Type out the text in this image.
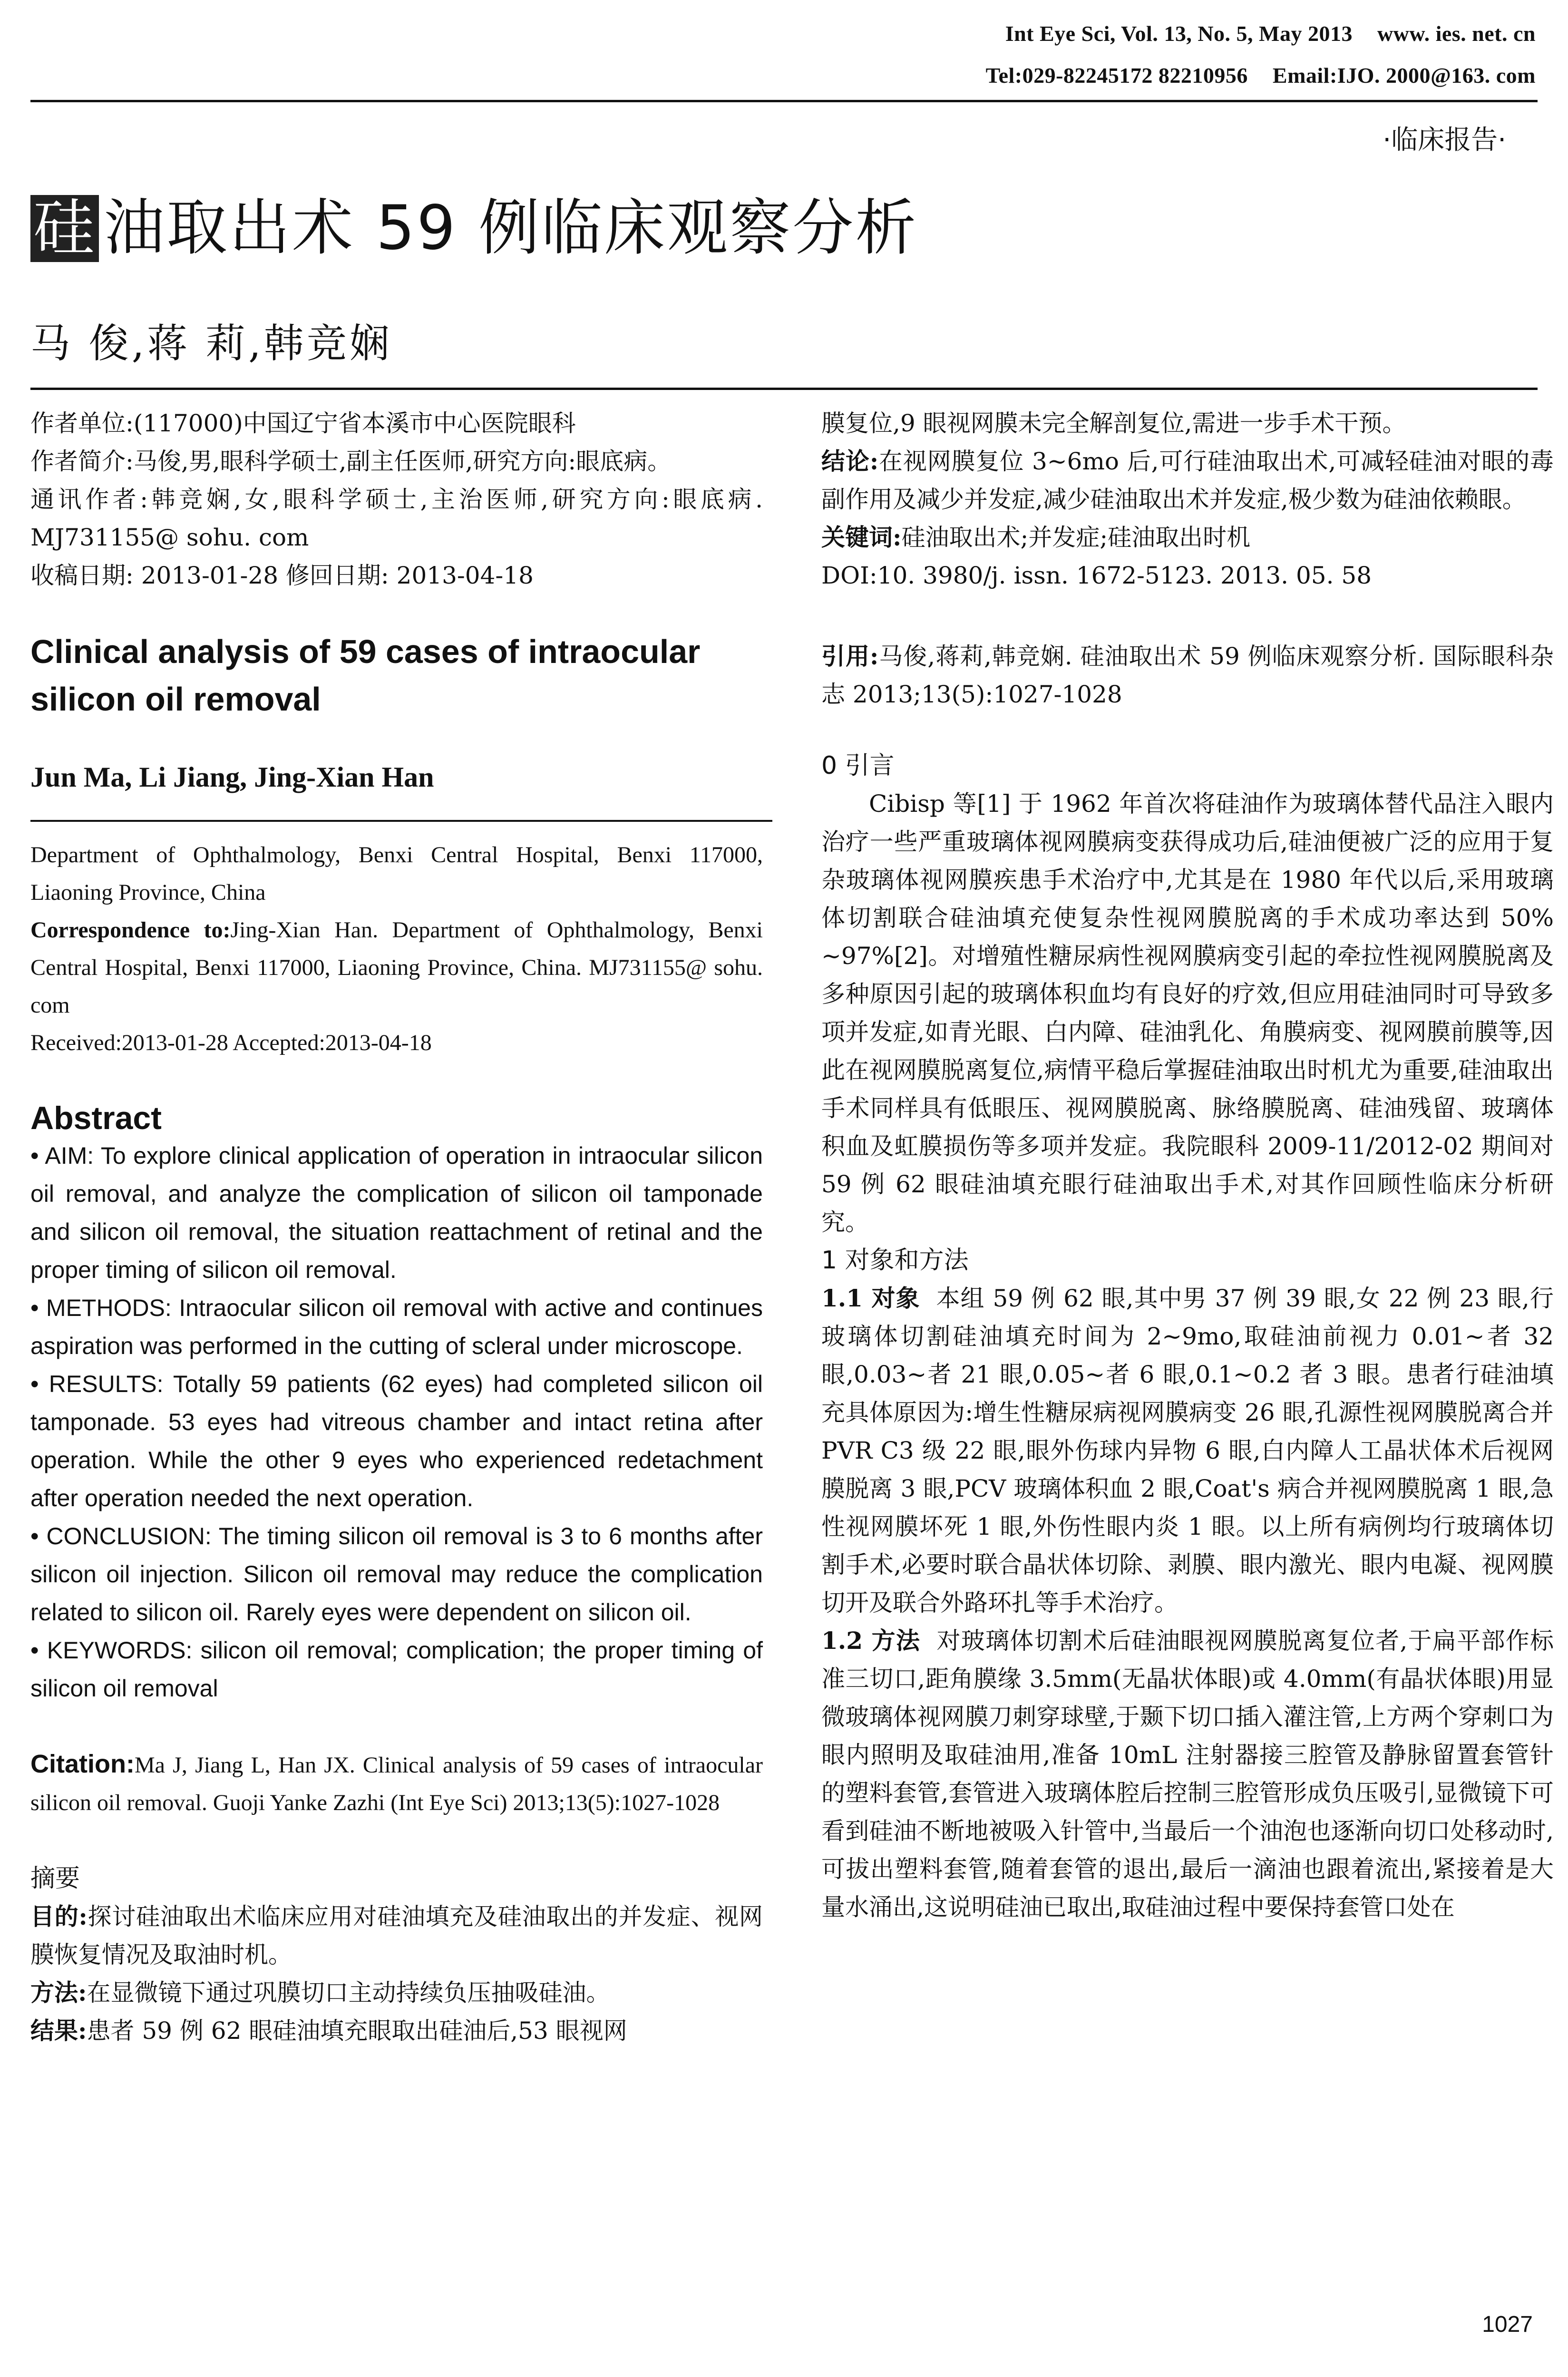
Int Eye Sci, Vol. 13, No. 5, May 2013 www. ies. net. cn
Tel:029-82245172 82210956 Email:IJO. 2000@163. com
·临床报告·
硅 油取出术 59 例临床观察分析
马 俊,蒋 莉,韩竞娴

作者单位:(117000)中国辽宁省本溪市中心医院眼科

作者简介:马俊,男,眼科学硕士,副主任医师,研究方向:眼底病。

通讯作者:韩竞娴,女,眼科学硕士,主治医师,研究方向:眼底病. MJ731155@ sohu. com

收稿日期: 2013-01-28 修回日期: 2013-04-18

Clinical analysis of 59 cases of intraocular silicon oil removal
Jun Ma, Li Jiang, Jing-Xian Han

Department of Ophthalmology, Benxi Central Hospital, Benxi 117000, Liaoning Province, China

Correspondence to:Jing-Xian Han. Department of Ophthalmology, Benxi Central Hospital, Benxi 117000, Liaoning Province, China. MJ731155@ sohu. com

Received:2013-01-28 Accepted:2013-04-18

Abstract

• AIM: To explore clinical application of operation in intraocular silicon oil removal, and analyze the complication of silicon oil tamponade and silicon oil removal, the situation reattachment of retinal and the proper timing of silicon oil removal.

• METHODS: Intraocular silicon oil removal with active and continues aspiration was performed in the cutting of scleral under microscope.

• RESULTS: Totally 59 patients (62 eyes) had completed silicon oil tamponade. 53 eyes had vitreous chamber and intact retina after operation. While the other 9 eyes who experienced redetachment after operation needed the next operation.

• CONCLUSION: The timing silicon oil removal is 3 to 6 months after silicon oil injection. Silicon oil removal may reduce the complication related to silicon oil. Rarely eyes were dependent on silicon oil.

• KEYWORDS: silicon oil removal; complication; the proper timing of silicon oil removal

Citation:Ma J, Jiang L, Han JX. Clinical analysis of 59 cases of intraocular silicon oil removal. Guoji Yanke Zazhi (Int Eye Sci) 2013;13(5):1027-1028

摘要

目的:探讨硅油取出术临床应用对硅油填充及硅油取出的并发症、视网膜恢复情况及取油时机。

方法:在显微镜下通过巩膜切口主动持续负压抽吸硅油。

结果:患者 59 例 62 眼硅油填充眼取出硅油后,53 眼视网

膜复位,9 眼视网膜未完全解剖复位,需进一步手术干预。

结论:在视网膜复位 3~6mo 后,可行硅油取出术,可减轻硅油对眼的毒副作用及减少并发症,减少硅油取出术并发症,极少数为硅油依赖眼。

关键词:硅油取出术;并发症;硅油取出时机

DOI:10. 3980/j. issn. 1672-5123. 2013. 05. 58

引用:马俊,蒋莉,韩竞娴. 硅油取出术 59 例临床观察分析. 国际眼科杂志 2013;13(5):1027-1028

0 引言

Cibisp 等[1] 于 1962 年首次将硅油作为玻璃体替代品注入眼内治疗一些严重玻璃体视网膜病变获得成功后,硅油便被广泛的应用于复杂玻璃体视网膜疾患手术治疗中,尤其是在 1980 年代以后,采用玻璃体切割联合硅油填充使复杂性视网膜脱离的手术成功率达到 50% ~97%[2]。对增殖性糖尿病性视网膜病变引起的牵拉性视网膜脱离及多种原因引起的玻璃体积血均有良好的疗效,但应用硅油同时可导致多项并发症,如青光眼、白内障、硅油乳化、角膜病变、视网膜前膜等,因此在视网膜脱离复位,病情平稳后掌握硅油取出时机尤为重要,硅油取出手术同样具有低眼压、视网膜脱离、脉络膜脱离、硅油残留、玻璃体积血及虹膜损伤等多项并发症。我院眼科 2009-11/2012-02 期间对 59 例 62 眼硅油填充眼行硅油取出手术,对其作回顾性临床分析研究。

1 对象和方法

1.1 对象 本组 59 例 62 眼,其中男 37 例 39 眼,女 22 例 23 眼,行玻璃体切割硅油填充时间为 2~9mo,取硅油前视力 0.01~者 32 眼,0.03~者 21 眼,0.05~者 6 眼,0.1~0.2 者 3 眼。患者行硅油填充具体原因为:增生性糖尿病视网膜病变 26 眼,孔源性视网膜脱离合并 PVR C3 级 22 眼,眼外伤球内异物 6 眼,白内障人工晶状体术后视网膜脱离 3 眼,PCV 玻璃体积血 2 眼,Coat's 病合并视网膜脱离 1 眼,急性视网膜坏死 1 眼,外伤性眼内炎 1 眼。以上所有病例均行玻璃体切割手术,必要时联合晶状体切除、剥膜、眼内激光、眼内电凝、视网膜切开及联合外路环扎等手术治疗。

1.2 方法 对玻璃体切割术后硅油眼视网膜脱离复位者,于扁平部作标准三切口,距角膜缘 3.5mm(无晶状体眼)或 4.0mm(有晶状体眼)用显微玻璃体视网膜刀刺穿球壁,于颞下切口插入灌注管,上方两个穿刺口为眼内照明及取硅油用,准备 10mL 注射器接三腔管及静脉留置套管针的塑料套管,套管进入玻璃体腔后控制三腔管形成负压吸引,显微镜下可看到硅油不断地被吸入针管中,当最后一个油泡也逐渐向切口处移动时,可拔出塑料套管,随着套管的退出,最后一滴油也跟着流出,紧接着是大量水涌出,这说明硅油已取出,取硅油过程中要保持套管口处在

1027
